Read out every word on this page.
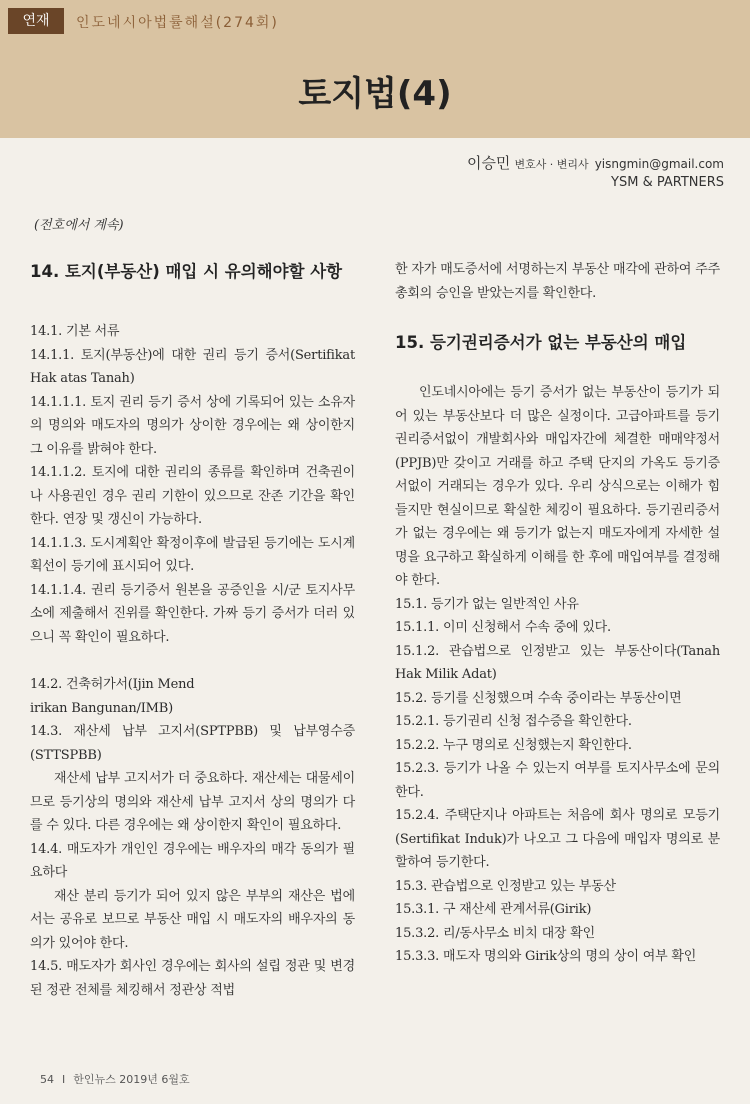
연재	인도네시아법률해설(274회)
토지법(4)
이승민 변호사 · 변리사 yisngmin@gmail.com
YSM & PARTNERS
(전호에서 계속)
14. 토지(부동산) 매입 시 유의해야할 사항

14.1. 기본 서류

14.1.1. 토지(부동산)에 대한 권리 등기 증서(Sertifikat Hak atas Tanah)

14.1.1.1. 토지 권리 등기 증서 상에 기록되어 있는 소유자의 명의와 매도자의 명의가 상이한 경우에는 왜 상이한지 그 이유를 밝혀야 한다.

14.1.1.2. 토지에 대한 권리의 종류를 확인하며 건축권이나 사용권인 경우 권리 기한이 있으므로 잔존 기간을 확인한다. 연장 및 갱신이 가능하다.

14.1.1.3. 도시계획안 확정이후에 발급된 등기에는 도시계획선이 등기에 표시되어 있다.

14.1.1.4. 권리 등기증서 원본을 공증인을 시/군 토지사무소에 제출해서 진위를 확인한다. 가짜 등기 증서가 더러 있으니 꼭 확인이 필요하다.

14.2. 건축허가서(Ijin Mend

irikan Bangunan/IMB)

14.3. 재산세 납부 고지서(SPTPBB) 및 납부영수증(STTSPBB)

재산세 납부 고지서가 더 중요하다. 재산세는 대물세이므로 등기상의 명의와 재산세 납부 고지서 상의 명의가 다를 수 있다. 다른 경우에는 왜 상이한지 확인이 필요하다.

14.4. 매도자가 개인인 경우에는 배우자의 매각 동의가 필요하다

재산 분리 등기가 되어 있지 않은 부부의 재산은 법에서는 공유로 보므로 부동산 매입 시 매도자의 배우자의 동의가 있어야 한다.

14.5. 매도자가 회사인 경우에는 회사의 설립 정관 및 변경된 정관 전체를 체킹해서 정관상 적법

한 자가 매도증서에 서명하는지 부동산 매각에 관하여 주주총회의 승인을 받았는지를 확인한다.

15. 등기권리증서가 없는 부동산의 매입

인도네시아에는 등기 증서가 없는 부동산이 등기가 되어 있는 부동산보다 더 많은 실정이다. 고급아파트를 등기권리증서없이 개발회사와 매입자간에 체결한 매매약정서(PPJB)만 갖이고 거래를 하고 주택 단지의 가옥도 등기증서없이 거래되는 경우가 있다. 우리 상식으로는 이해가 힘들지만 현실이므로 확실한 체킹이 필요하다. 등기권리증서가 없는 경우에는 왜 등기가 없는지 매도자에게 자세한 설명을 요구하고 확실하게 이해를 한 후에 매입여부를 결정해야 한다.

15.1. 등기가 없는 일반적인 사유

15.1.1. 이미 신청해서 수속 중에 있다.

15.1.2. 관습법으로 인정받고 있는 부동산이다(Tanah Hak Milik Adat)

15.2. 등기를 신청했으며 수속 중이라는 부동산이면

15.2.1. 등기권리 신청 접수증을 확인한다.

15.2.2. 누구 명의로 신청했는지 확인한다.

15.2.3. 등기가 나올 수 있는지 여부를 토지사무소에 문의한다.

15.2.4. 주택단지나 아파트는 처음에 회사 명의로 모등기(Sertifikat Induk)가 나오고 그 다음에 매입자 명의로 분할하여 등기한다.

15.3. 관습법으로 인정받고 있는 부동산

15.3.1. 구 재산세 관계서류(Girik)

15.3.2. 리/동사무소 비치 대장 확인

15.3.3. 매도자 명의와 Girik상의 명의 상이 여부 확인

54 I 한인뉴스 2019년 6월호
